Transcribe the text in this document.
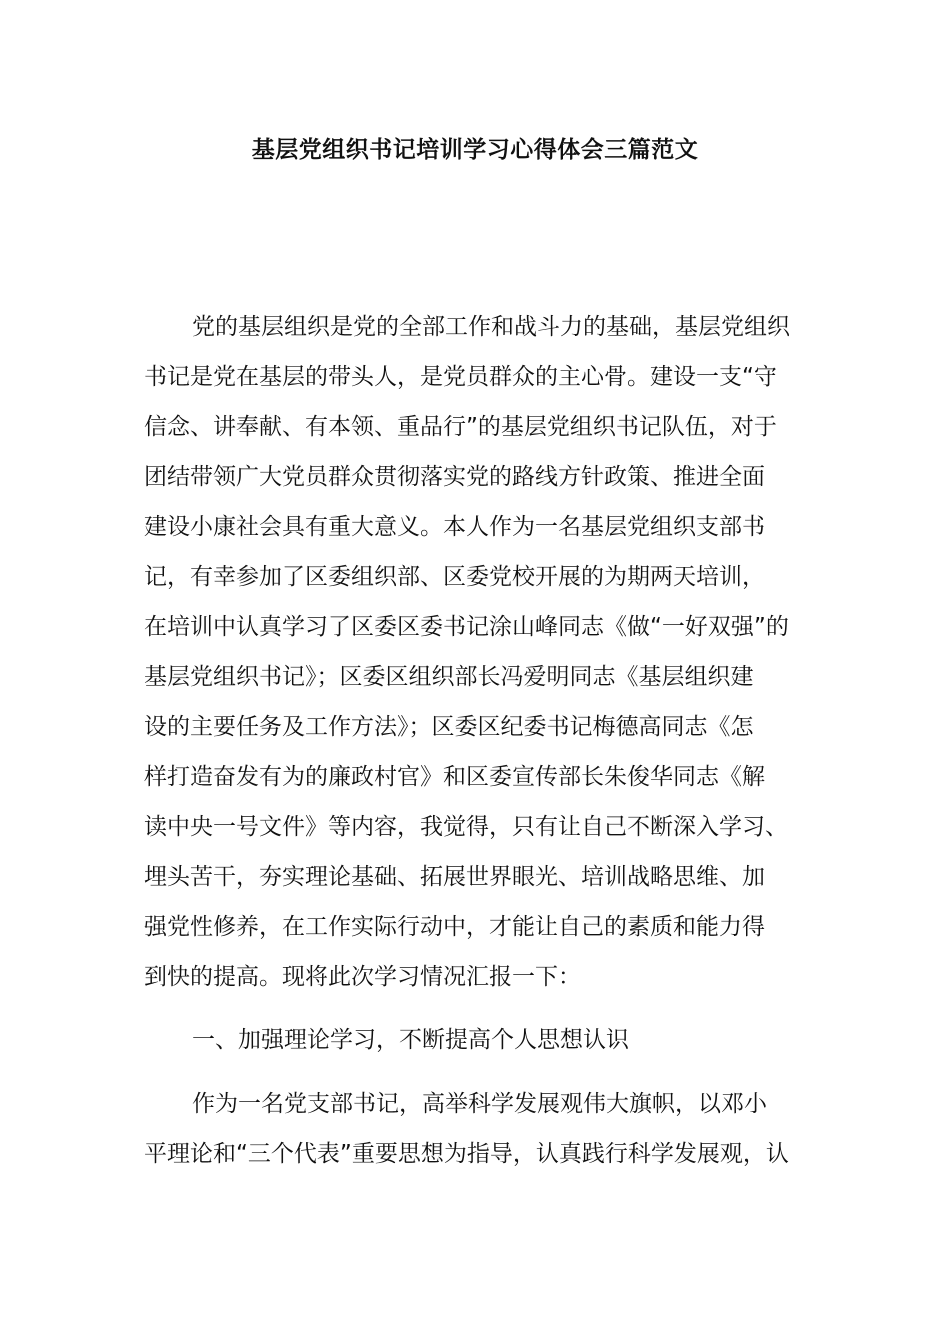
基层党组织书记培训学习心得体会三篇范文

党的基层组织是党的全部工作和战斗力的基础，基层党组织

书记是党在基层的带头人，是党员群众的主心骨。建设一支“守

信念、讲奉献、有本领、重品行”的基层党组织书记队伍，对于

团结带领广大党员群众贯彻落实党的路线方针政策、推进全面

建设小康社会具有重大意义。本人作为一名基层党组织支部书

记，有幸参加了区委组织部、区委党校开展的为期两天培训，

在培训中认真学习了区委区委书记涂山峰同志《做“一好双强”的

基层党组织书记》；区委区组织部长冯爱明同志《基层组织建

设的主要任务及工作方法》；区委区纪委书记梅德高同志《怎

样打造奋发有为的廉政村官》和区委宣传部长朱俊华同志《解

读中央一号文件》等内容，我觉得，只有让自己不断深入学习、

埋头苦干，夯实理论基础、拓展世界眼光、培训战略思维、加

强党性修养，在工作实际行动中，才能让自己的素质和能力得

到快的提高。现将此次学习情况汇报一下：

一、加强理论学习，不断提高个人思想认识

作为一名党支部书记，高举科学发展观伟大旗帜，以邓小

平理论和“三个代表”重要思想为指导，认真践行科学发展观，认
